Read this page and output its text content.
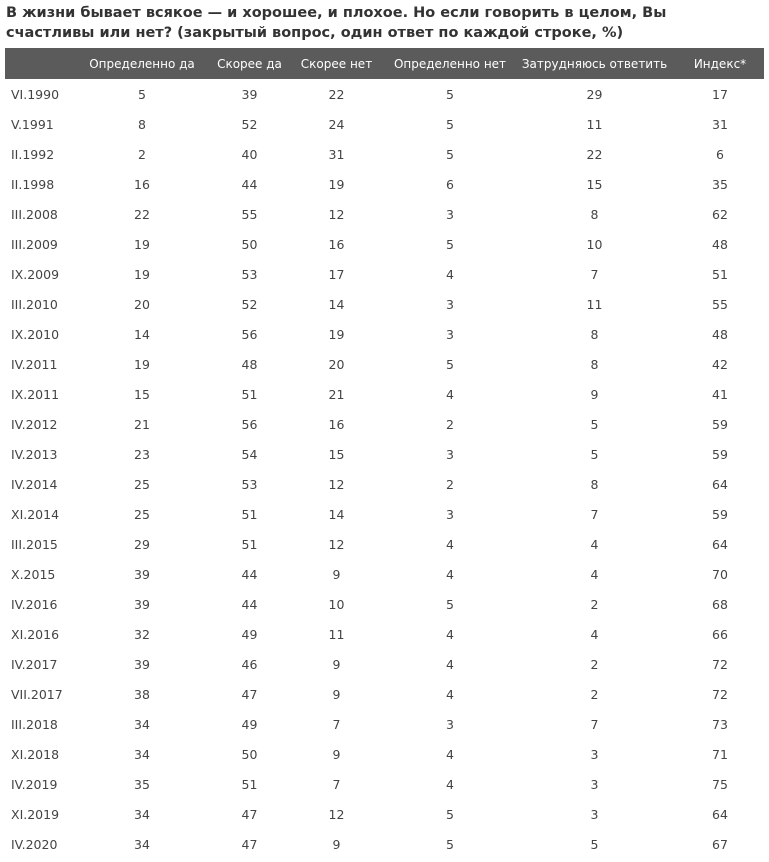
В жизни бывает всякое — и хорошее, и плохое. Но если говорить в целом, Вы счастливы или нет? (закрытый вопрос, один ответ по каждой строке, %)
	Определенно да	Скорее да	Скорее нет	Определенно нет	Затрудняюсь ответить	Индекс*
VI.1990	5	39	22	5	29	17
V.1991	8	52	24	5	11	31
II.1992	2	40	31	5	22	6
II.1998	16	44	19	6	15	35
III.2008	22	55	12	3	8	62
III.2009	19	50	16	5	10	48
IX.2009	19	53	17	4	7	51
III.2010	20	52	14	3	11	55
IX.2010	14	56	19	3	8	48
IV.2011	19	48	20	5	8	42
IX.2011	15	51	21	4	9	41
IV.2012	21	56	16	2	5	59
IV.2013	23	54	15	3	5	59
IV.2014	25	53	12	2	8	64
XI.2014	25	51	14	3	7	59
III.2015	29	51	12	4	4	64
X.2015	39	44	9	4	4	70
IV.2016	39	44	10	5	2	68
XI.2016	32	49	11	4	4	66
IV.2017	39	46	9	4	2	72
VII.2017	38	47	9	4	2	72
III.2018	34	49	7	3	7	73
XI.2018	34	50	9	4	3	71
IV.2019	35	51	7	4	3	75
XI.2019	34	47	12	5	3	64
IV.2020	34	47	9	5	5	67
